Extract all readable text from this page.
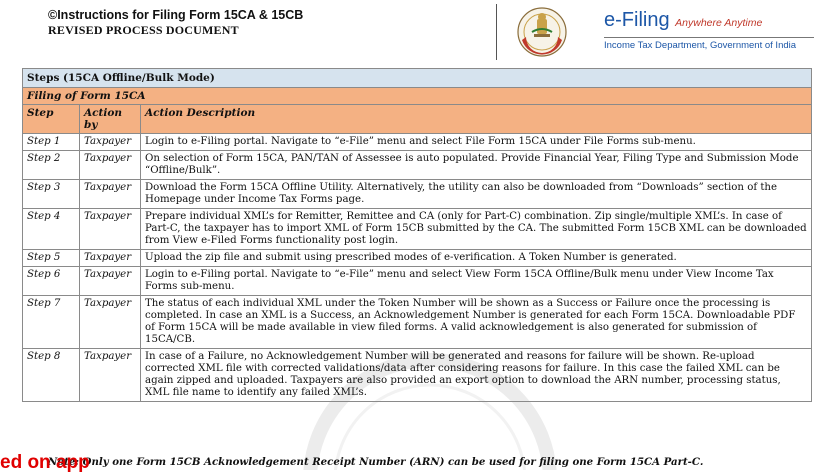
©Instructions for Filing Form 15CA & 15CB
REVISED PROCESS DOCUMENT	e-Filing Anywhere Anytime
Income Tax Department, Government of India
Steps (15CA Offline/Bulk Mode)		
Filing of Form 15CA		
Step	Action by	Action Description
Step 1	Taxpayer	Login to e-Filing portal. Navigate to “e-File” menu and select File Form 15CA under File Forms sub-menu.
Step 2	Taxpayer	On selection of Form 15CA, PAN/TAN of Assessee is auto populated. Provide Financial Year, Filing Type and Submission Mode “Offline/Bulk”.
Step 3	Taxpayer	Download the Form 15CA Offline Utility. Alternatively, the utility can also be downloaded from “Downloads” section of the Homepage under Income Tax Forms page.
Step 4	Taxpayer	Prepare individual XML’s for Remitter, Remittee and CA (only for Part-C) combination. Zip single/multiple XML’s. In case of Part-C, the taxpayer has to import XML of Form 15CB submitted by the CA. The submitted Form 15CB XML can be downloaded from View e-Filed Forms functionality post login.
Step 5	Taxpayer	Upload the zip file and submit using prescribed modes of e-verification. A Token Number is generated.
Step 6	Taxpayer	Login to e-Filing portal. Navigate to “e-File” menu and select View Form 15CA Offline/Bulk menu under View Income Tax Forms sub-menu.
Step 7	Taxpayer	The status of each individual XML under the Token Number will be shown as a Success or Failure once the processing is completed. In case an XML is a Success, an Acknowledgement Number is generated for each Form 15CA. Downloadable PDF of Form 15CA will be made available in view filed forms. A valid acknowledgement is also generated for submission of 15CA/CB.
Step 8	Taxpayer	In case of a Failure, no Acknowledgement Number will be generated and reasons for failure will be shown. Re-upload corrected XML file with corrected validations/data after considering reasons for failure. In this case the failed XML can be again zipped and uploaded. Taxpayers are also provided an export option to download the ARN number, processing status, XML file name to identify any failed XML’s.
Note: Only one Form 15CB Acknowledgement Receipt Number (ARN) can be used for filing one Form 15CA Part-C.
ed on app
